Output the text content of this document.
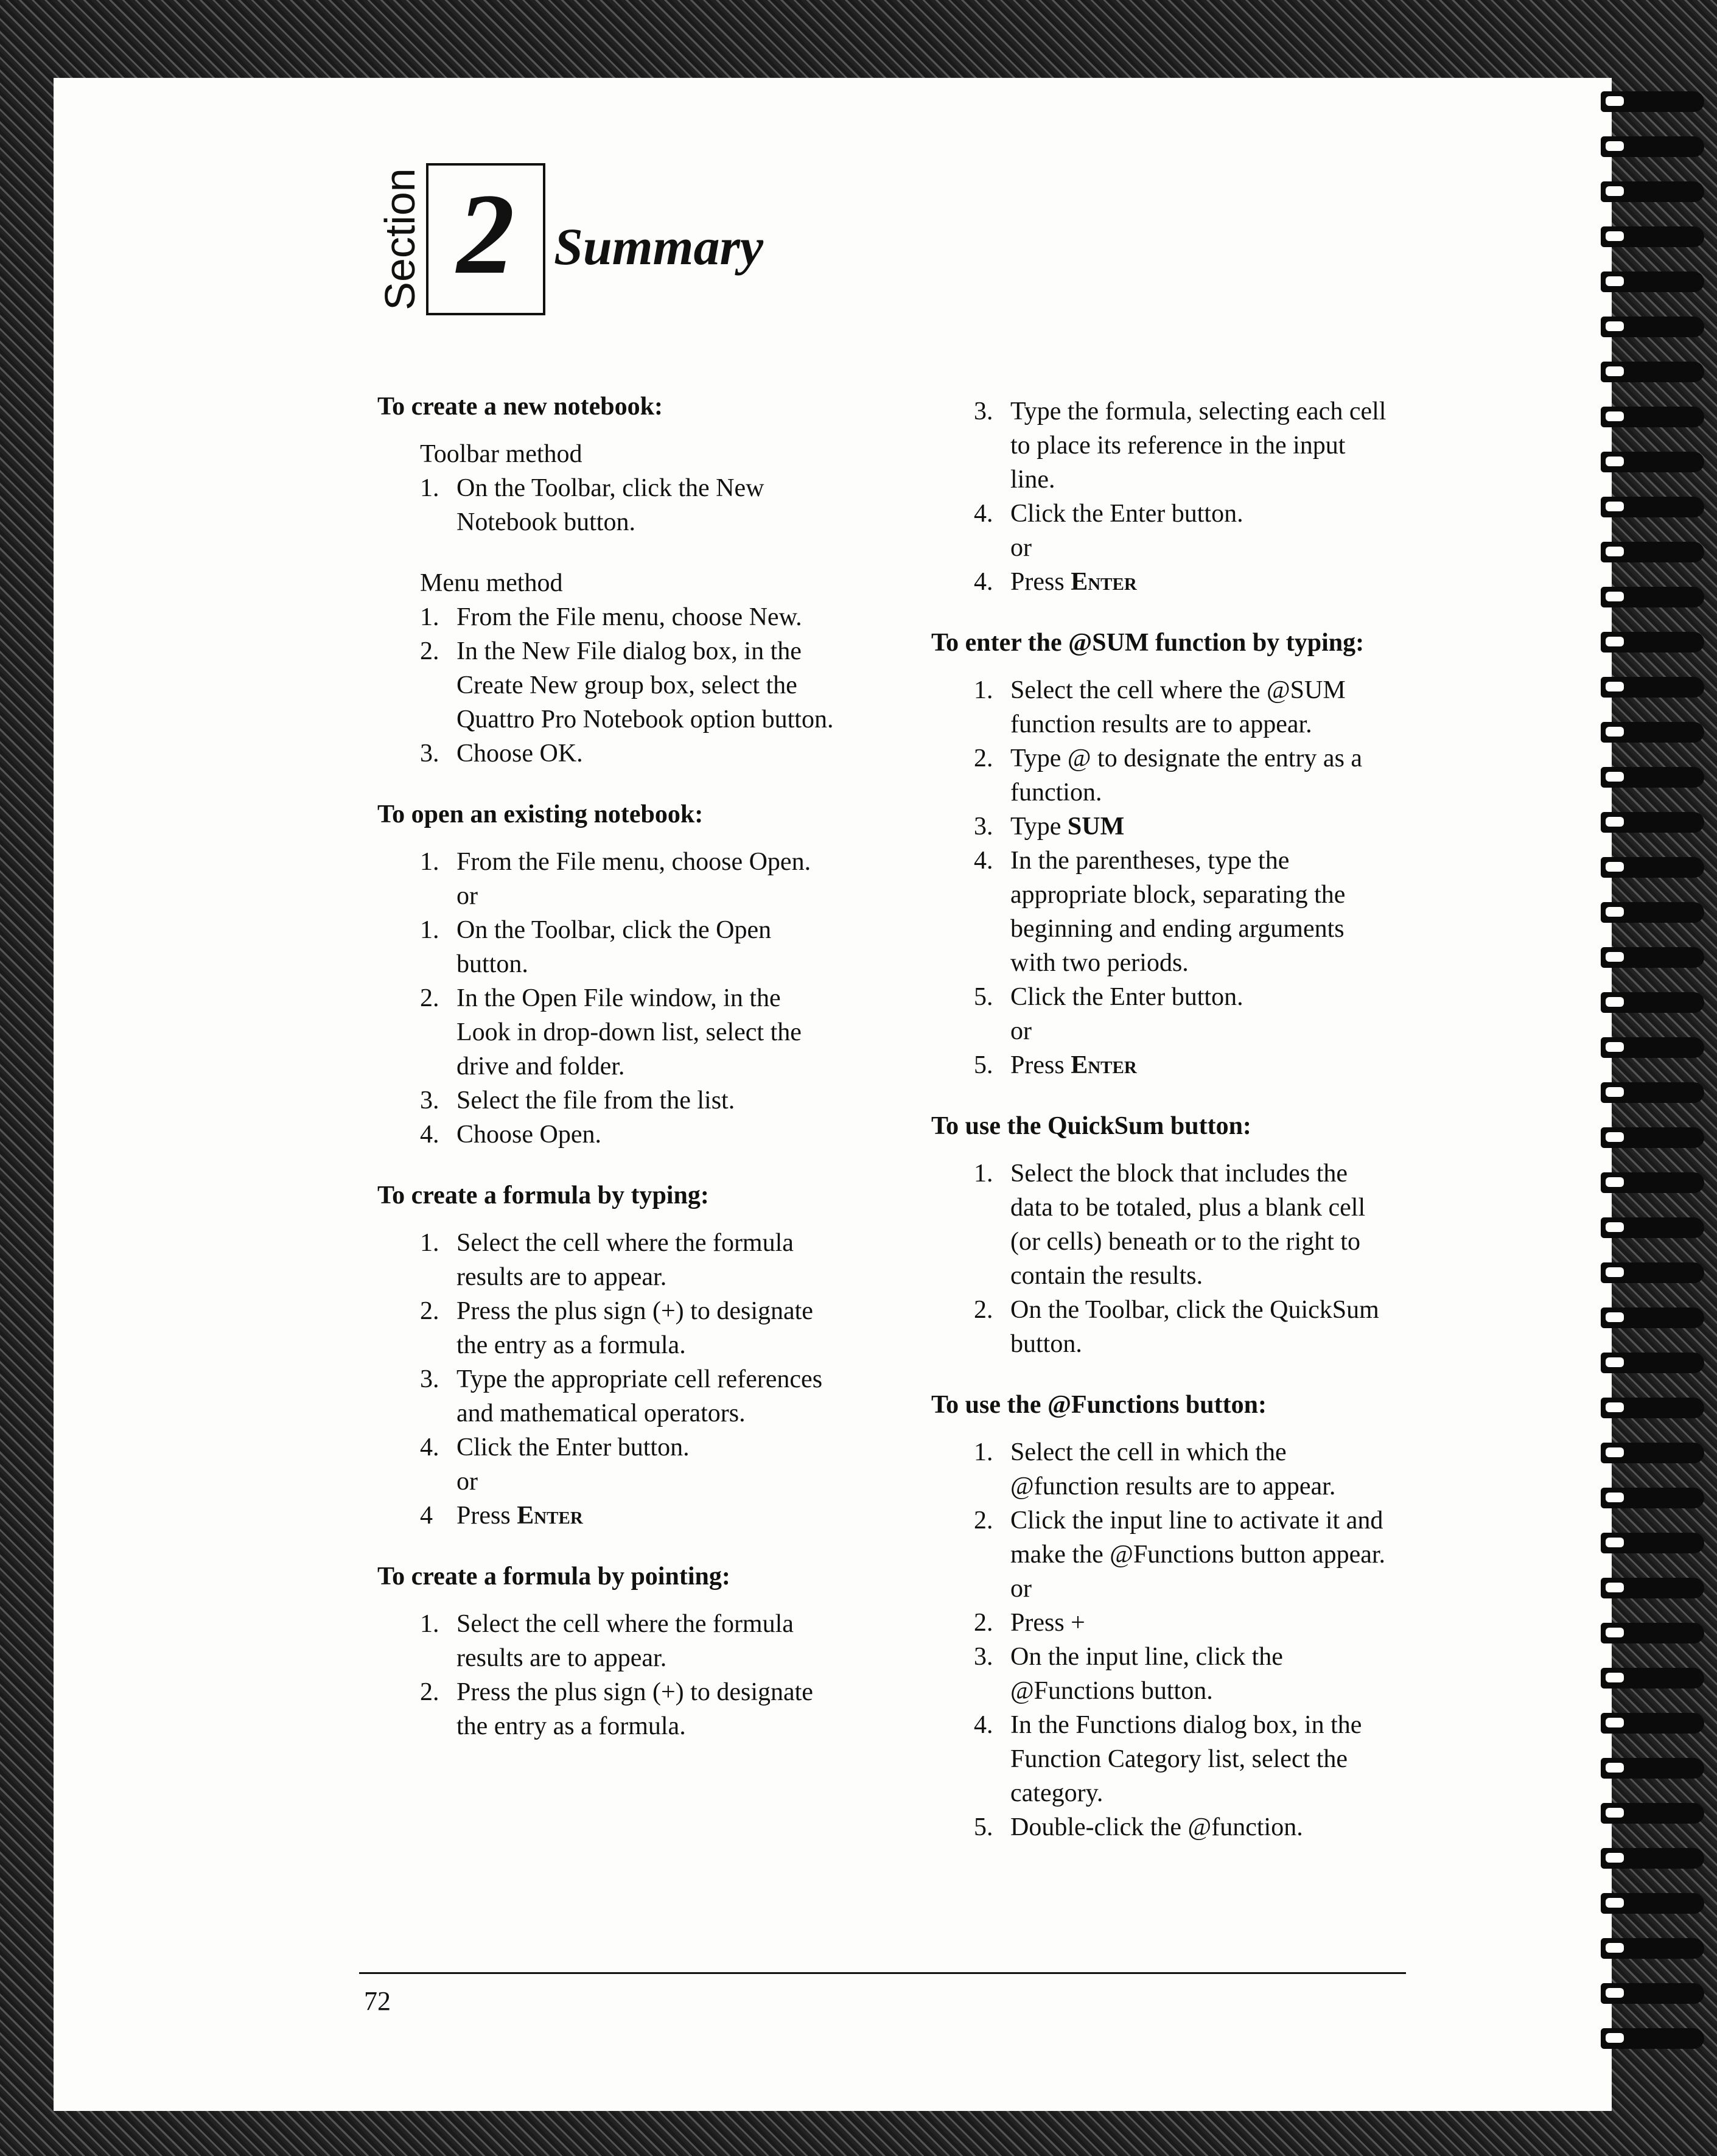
Section 2 Summary
To create a new notebook:
Toolbar method
1. On the Toolbar, click the New Notebook button.
Menu method
1. From the File menu, choose New.
2. In the New File dialog box, in the Create New group box, select the Quattro Pro Notebook option button.
3. Choose OK.
To open an existing notebook:
1. From the File menu, choose Open.
or
1. On the Toolbar, click the Open button.
2. In the Open File window, in the Look in drop-down list, select the drive and folder.
3. Select the file from the list.
4. Choose Open.
To create a formula by typing:
1. Select the cell where the formula results are to appear.
2. Press the plus sign (+) to designate the entry as a formula.
3. Type the appropriate cell references and mathematical operators.
4. Click the Enter button.
or
4 Press Enter
To create a formula by pointing:
1. Select the cell where the formula results are to appear.
2. Press the plus sign (+) to designate the entry as a formula.
3. Type the formula, selecting each cell to place its reference in the input line.
4. Click the Enter button.
or
4. Press Enter
To enter the @SUM function by typing:
1. Select the cell where the @SUM function results are to appear.
2. Type @ to designate the entry as a function.
3. Type SUM
4. In the parentheses, type the appropriate block, separating the beginning and ending arguments with two periods.
5. Click the Enter button.
or
5. Press Enter
To use the QuickSum button:
1. Select the block that includes the data to be totaled, plus a blank cell (or cells) beneath or to the right to contain the results.
2. On the Toolbar, click the QuickSum button.
To use the @Functions button:
1. Select the cell in which the @function results are to appear.
2. Click the input line to activate it and make the @Functions button appear.
or
2. Press +
3. On the input line, click the @Functions button.
4. In the Functions dialog box, in the Function Category list, select the category.
5. Double-click the @function.
72
